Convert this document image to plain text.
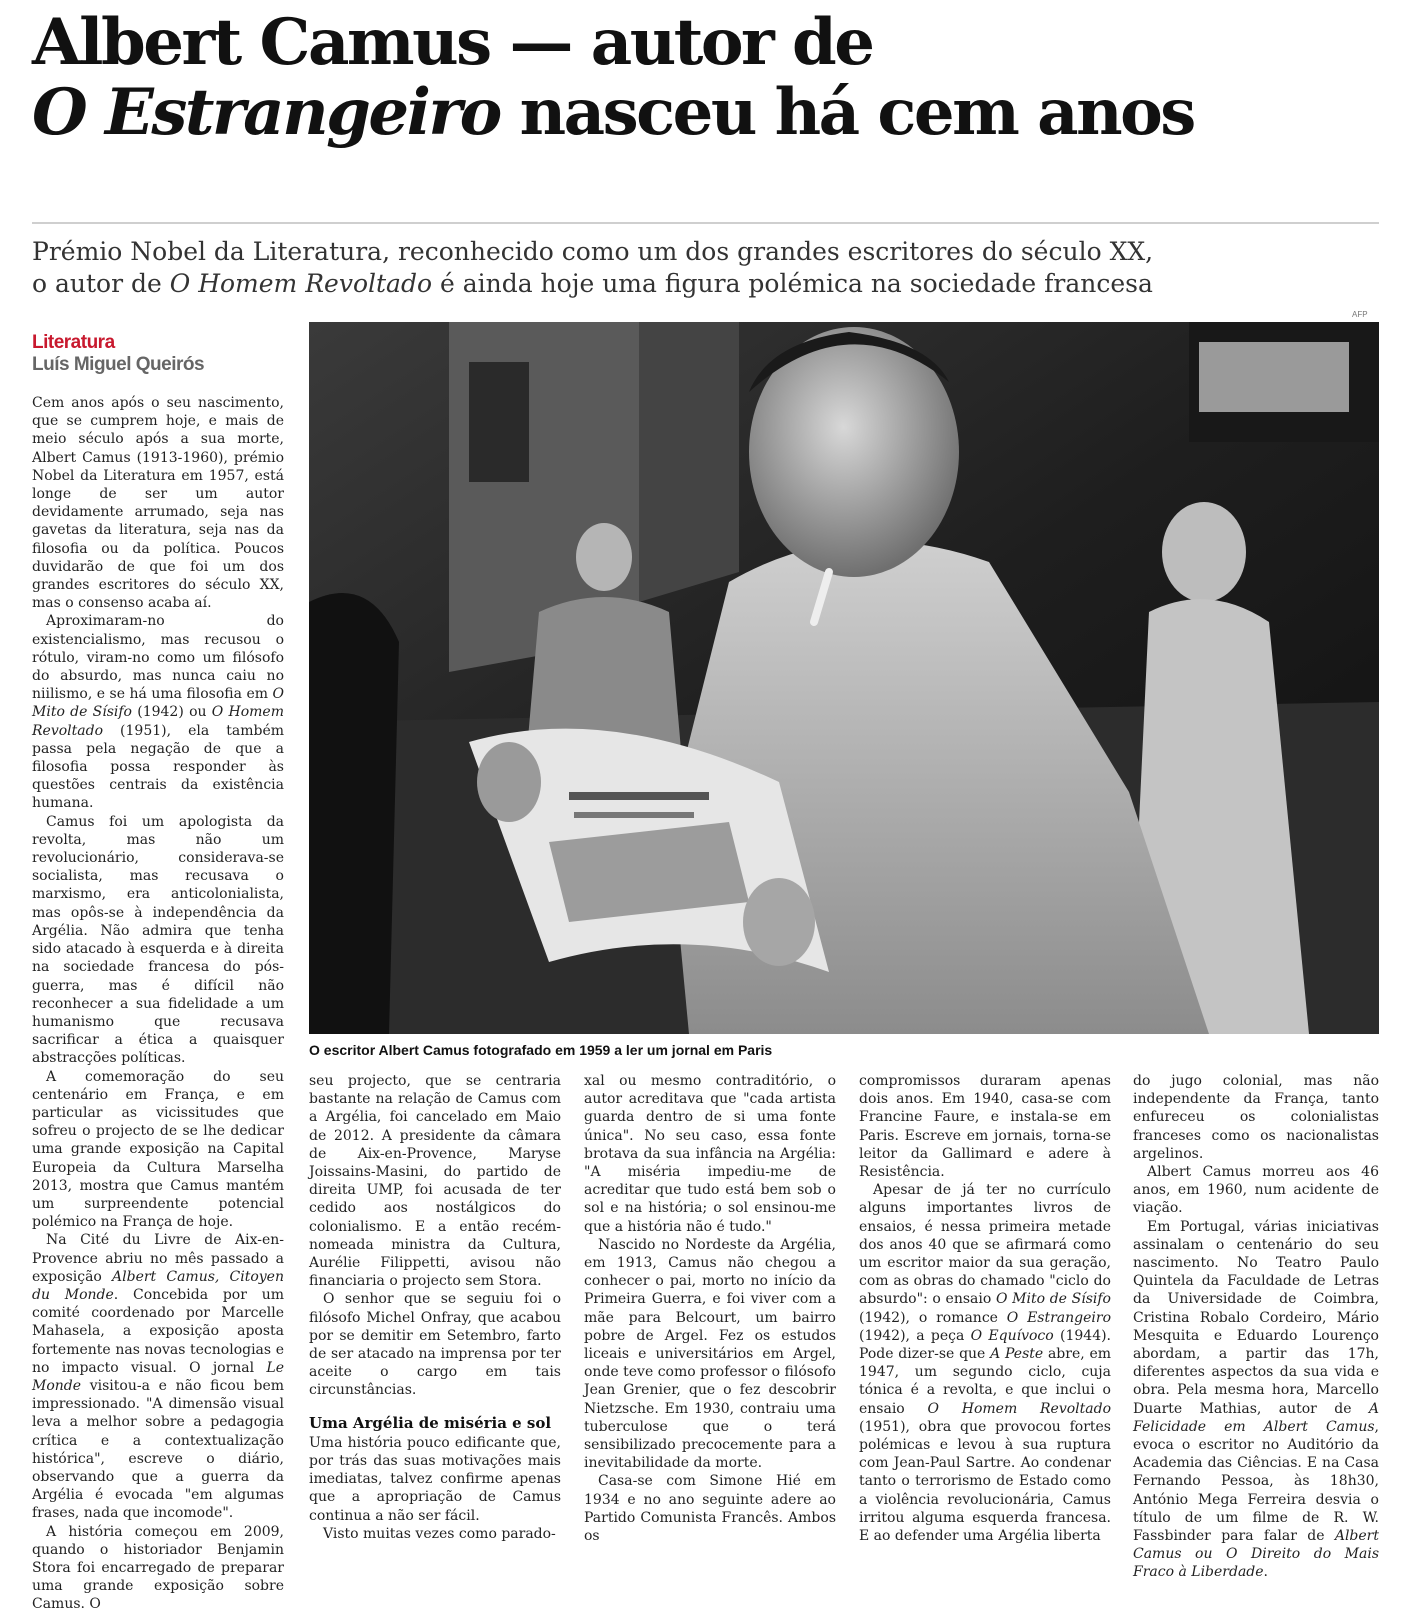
Albert Camus — autor de
O Estrangeiro nasceu há cem anos
Prémio Nobel da Literatura, reconhecido como um dos grandes escritores do século XX,
o autor de O Homem Revoltado é ainda hoje uma figura polémica na sociedade francesa
Literatura
Luís Miguel Queirós
AFP
O escritor Albert Camus fotografado em 1959 a ler um jornal em Paris

Cem anos após o seu nascimento, que se cumprem hoje, e mais de meio século após a sua morte, Albert Camus (1913-1960), prémio Nobel da Literatura em 1957, está longe de ser um autor devidamente arrumado, seja nas gavetas da literatura, seja nas da filosofia ou da política. Poucos duvidarão de que foi um dos grandes escritores do século XX, mas o consenso acaba aí.

Aproximaram-no do existencialismo, mas recusou o rótulo, viram-no como um filósofo do absurdo, mas nunca caiu no niilismo, e se há uma filosofia em O Mito de Sísifo (1942) ou O Homem Revoltado (1951), ela também passa pela negação de que a filosofia possa responder às questões centrais da existência humana.

Camus foi um apologista da revolta, mas não um revolucionário, considerava-se socialista, mas recusava o marxismo, era anticolonialista, mas opôs-se à independência da Argélia. Não admira que tenha sido atacado à esquerda e à direita na sociedade francesa do pós-guerra, mas é difícil não reconhecer a sua fidelidade a um humanismo que recusava sacrificar a ética a quaisquer abstracções políticas.

A comemoração do seu centenário em França, e em particular as vicissitudes que sofreu o projecto de se lhe dedicar uma grande exposição na Capital Europeia da Cultura Marselha 2013, mostra que Camus mantém um surpreendente potencial polémico na França de hoje.

Na Cité du Livre de Aix-en-Provence abriu no mês passado a exposição Albert Camus, Citoyen du Monde. Concebida por um comité coordenado por Marcelle Mahasela, a exposição aposta fortemente nas novas tecnologias e no impacto visual. O jornal Le Monde visitou-a e não ficou bem impressionado. "A dimensão visual leva a melhor sobre a pedagogia crítica e a contextualização histórica", escreve o diário, observando que a guerra da Argélia é evocada "em algumas frases, nada que incomode".

A história começou em 2009, quando o historiador Benjamin Stora foi encarregado de preparar uma grande exposição sobre Camus. O

seu projecto, que se centraria bastante na relação de Camus com a Argélia, foi cancelado em Maio de 2012. A presidente da câmara de Aix-en-Provence, Maryse Joissains-Masini, do partido de direita UMP, foi acusada de ter cedido aos nostálgicos do colonialismo. E a então recém-nomeada ministra da Cultura, Aurélie Filippetti, avisou não financiaria o projecto sem Stora.

O senhor que se seguiu foi o filósofo Michel Onfray, que acabou por se demitir em Setembro, farto de ser atacado na imprensa por ter aceite o cargo em tais circunstâncias.

Uma Argélia de miséria e sol

Uma história pouco edificante que, por trás das suas motivações mais imediatas, talvez confirme apenas que a apropriação de Camus continua a não ser fácil.

Visto muitas vezes como parado-

xal ou mesmo contraditório, o autor acreditava que "cada artista guarda dentro de si uma fonte única". No seu caso, essa fonte brotava da sua infância na Argélia: "A miséria impediu-me de acreditar que tudo está bem sob o sol e na história; o sol ensinou-me que a história não é tudo."

Nascido no Nordeste da Argélia, em 1913, Camus não chegou a conhecer o pai, morto no início da Primeira Guerra, e foi viver com a mãe para Belcourt, um bairro pobre de Argel. Fez os estudos liceais e universitários em Argel, onde teve como professor o filósofo Jean Grenier, que o fez descobrir Nietzsche. Em 1930, contraiu uma tuberculose que o terá sensibilizado precocemente para a inevitabilidade da morte.

Casa-se com Simone Hié em 1934 e no ano seguinte adere ao Partido Comunista Francês. Ambos os

compromissos duraram apenas dois anos. Em 1940, casa-se com Francine Faure, e instala-se em Paris. Escreve em jornais, torna-se leitor da Gallimard e adere à Resistência.

Apesar de já ter no currículo alguns importantes livros de ensaios, é nessa primeira metade dos anos 40 que se afirmará como um escritor maior da sua geração, com as obras do chamado "ciclo do absurdo": o ensaio O Mito de Sísifo (1942), o romance O Estrangeiro (1942), a peça O Equívoco (1944). Pode dizer-se que A Peste abre, em 1947, um segundo ciclo, cuja tónica é a revolta, e que inclui o ensaio O Homem Revoltado (1951), obra que provocou fortes polémicas e levou à sua ruptura com Jean-Paul Sartre. Ao condenar tanto o terrorismo de Estado como a violência revolucionária, Camus irritou alguma esquerda francesa. E ao defender uma Argélia liberta

do jugo colonial, mas não independente da França, tanto enfureceu os colonialistas franceses como os nacionalistas argelinos.

Albert Camus morreu aos 46 anos, em 1960, num acidente de viação.

Em Portugal, várias iniciativas assinalam o centenário do seu nascimento. No Teatro Paulo Quintela da Faculdade de Letras da Universidade de Coimbra, Cristina Robalo Cordeiro, Mário Mesquita e Eduardo Lourenço abordam, a partir das 17h, diferentes aspectos da sua vida e obra. Pela mesma hora, Marcello Duarte Mathias, autor de A Felicidade em Albert Camus, evoca o escritor no Auditório da Academia das Ciências. E na Casa Fernando Pessoa, às 18h30, António Mega Ferreira desvia o título de um filme de R. W. Fassbinder para falar de Albert Camus ou O Direito do Mais Fraco à Liberdade.
